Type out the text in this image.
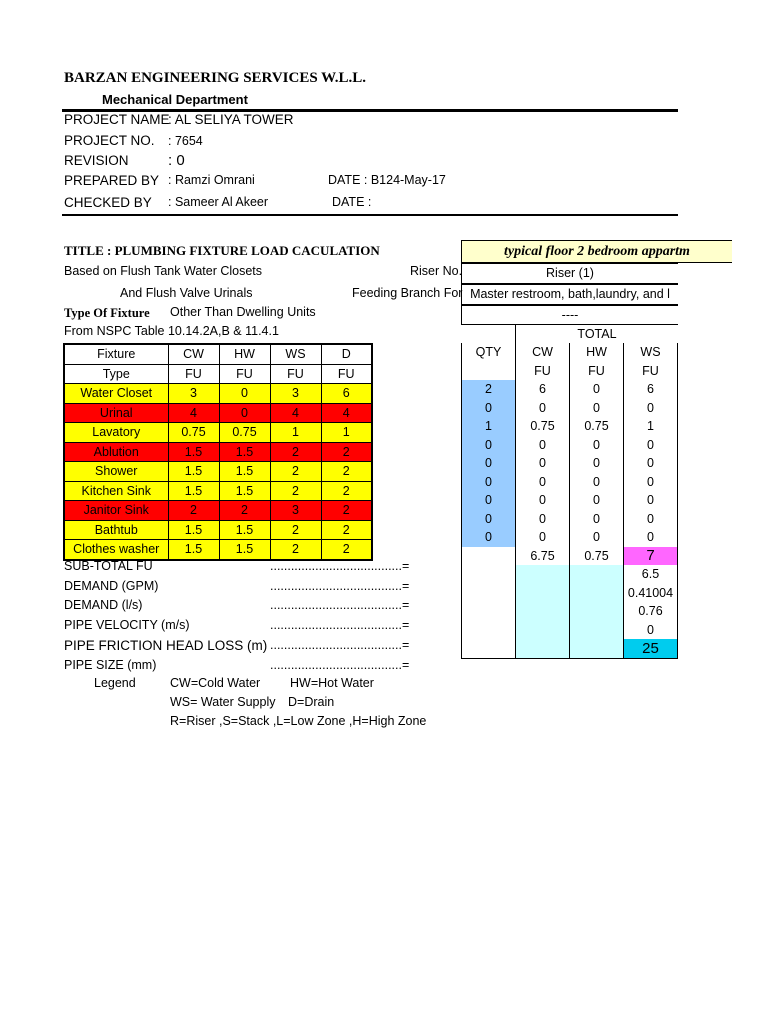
BARZAN ENGINEERING SERVICES W.L.L.
Mechanical Department
PROJECT NAME
: AL SELIYA TOWER
PROJECT NO. : 7654
REVISION	: 0
PREPARED BY : Ramzi Omrani	DATE : B124-May-17
CHECKED BY : Sameer Al Akeer	DATE :
TITLE : PLUMBING FIXTURE LOAD CACULATION	typical floor 2 bedroom appartm
Based on Flush Tank Water Closets	Riser No.	Riser (1)
And Flush Valve Urinals	Feeding Branch For Master restroom, bath,laundry, and l
Type Of Fixture Other Than Dwelling Units	----
From NSPC Table 10.14.2A,B & 11.4.1
Fixture	CW	HW	WS	D
Type	FU	FU	FU	FU
Water Closet	3	0	3	6
Urinal	4	0	4	4
Lavatory	0.75	0.75	1	1
Ablution	1.5	1.5	2	2
Shower	1.5	1.5	2	2
Kitchen Sink	1.5	1.5	2	2
Janitor Sink	2	2	3	2
Bathtub	1.5	1.5	2	2
Clothes washer	1.5	1.5	2	2
TOTAL
QTY	CW	HW	WS
	FU	FU	FU
2	6	0	6
0	0	0	0
1	0.75	0.75	1
0	0	0	0
0	0	0	0
0	0	0	0
0	0	0	0
0	0	0	0
0	0	0	0
	6.75	0.75	7
			6.5
			0.41004
			0.76
			0
			25
SUB-TOTAL FU	......................................=
DEMAND (GPM)	......................................=
DEMAND (l/s)	......................................=
PIPE VELOCITY (m/s)	......................................=
PIPE FRICTION HEAD LOSS (m) ......................................=
PIPE SIZE (mm)	......................................=
Legend	CW=Cold Water HW=Hot Water
WS= Water Supply D=Drain
R=Riser ,S=Stack ,L=Low Zone ,H=High Zone
